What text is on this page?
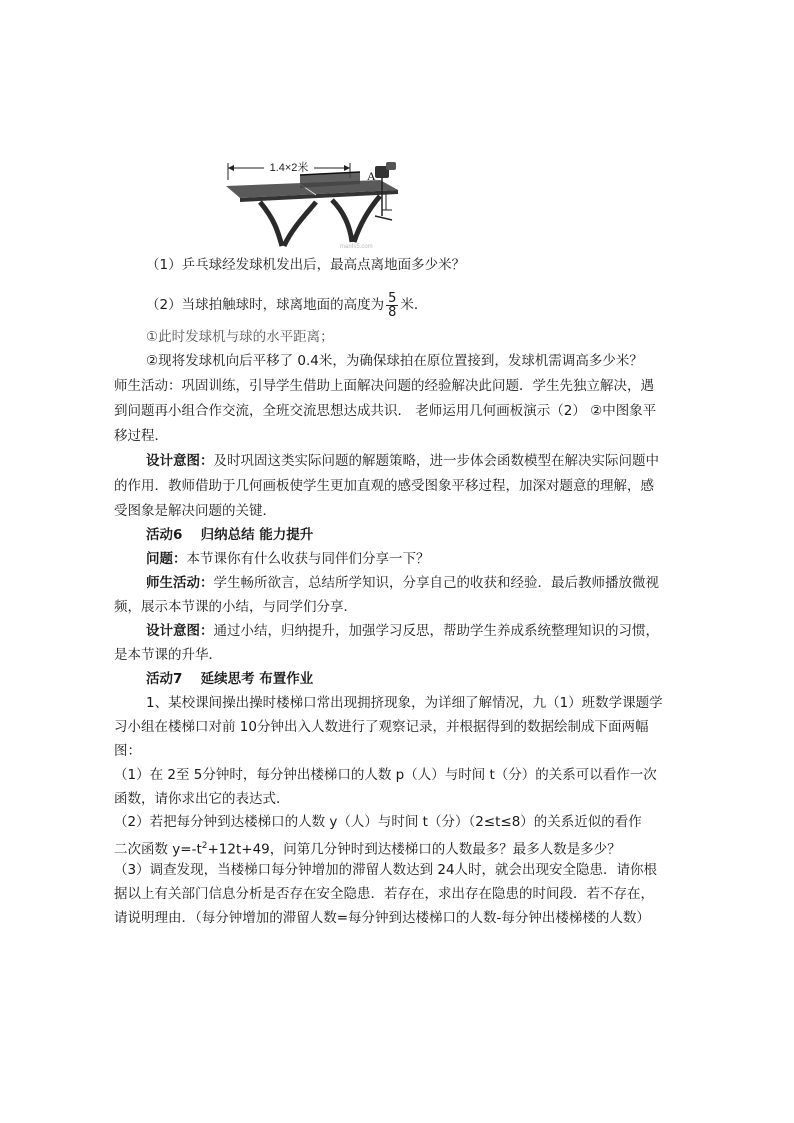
1.4×2米
A
manfs5.com
（1）乒乓球经发球机发出后，最高点离地面多少米？
（2）当球拍触球时，球离地面的高度为 $\frac{5}{8}$ 米．
①此时发球机与球的水平距离；
②现将发球机向后平移了 0.4米，为确保球拍在原位置接到，发球机需调高多少米？
师生活动：巩固训练，引导学生借助上面解决问题的经验解决此问题．学生先独立解决，遇
到问题再小组合作交流，全班交流思想达成共识． 老师运用几何画板演示（2） ②中图象平
移过程．
设计意图：及时巩固这类实际问题的解题策略，进一步体会函数模型在解决实际问题中
的作用．教师借助于几何画板使学生更加直观的感受图象平移过程，加深对题意的理解，感
受图象是解决问题的关键．
活动6　 归纳总结 能力提升
问题：本节课你有什么收获与同伴们分享一下？
师生活动：学生畅所欲言，总结所学知识，分享自己的收获和经验．最后教师播放微视
频，展示本节课的小结，与同学们分享．
设计意图：通过小结，归纳提升，加强学习反思，帮助学生养成系统整理知识的习惯，
是本节课的升华．
活动7　 延续思考 布置作业
1、某校课间操出操时楼梯口常出现拥挤现象，为详细了解情况，九（1）班数学课题学
习小组在楼梯口对前 10分钟出入人数进行了观察记录，并根据得到的数据绘制成下面两幅
图：
（1）在 2至 5分钟时，每分钟出楼梯口的人数 p（人）与时间 t（分）的关系可以看作一次
函数，请你求出它的表达式．
（2）若把每分钟到达楼梯口的人数 y（人）与时间 t（分）（2≤t≤8）的关系近似的看作
二次函数 $y=-t^2+12t+49$，问第几分钟时到达楼梯口的人数最多？最多人数是多少？
（3）调查发现，当楼梯口每分钟增加的滞留人数达到 24人时，就会出现安全隐患．请你根
据以上有关部门信息分析是否存在安全隐患．若存在，求出存在隐患的时间段．若不存在，
请说明理由．（每分钟增加的滞留人数=每分钟到达楼梯口的人数-每分钟出楼梯楼的人数）
